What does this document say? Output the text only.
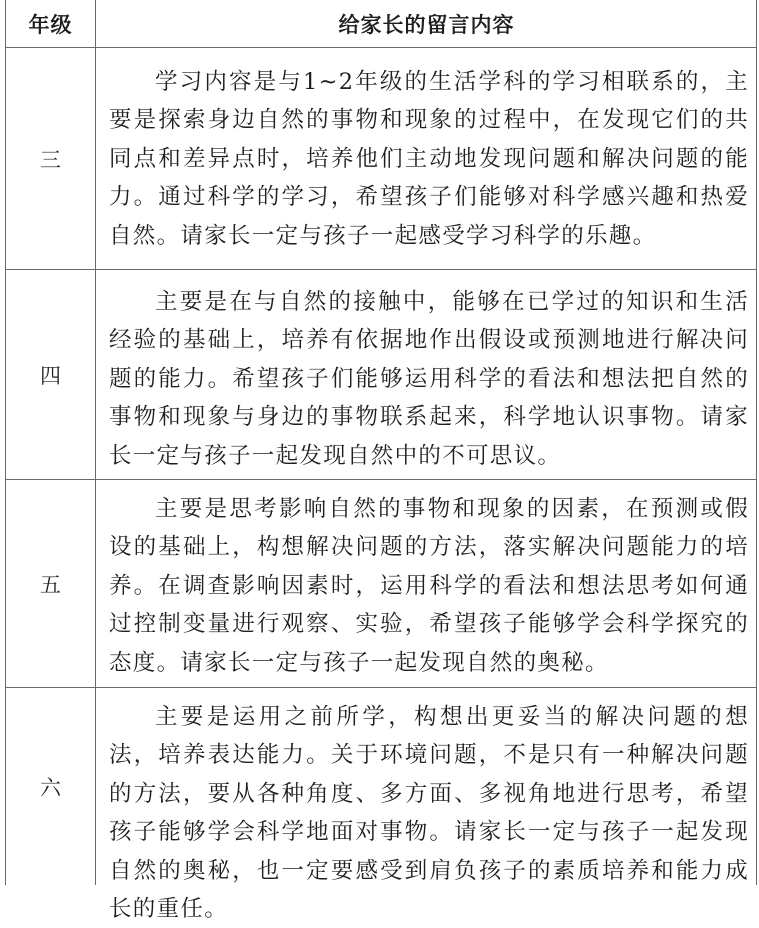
年级	给家长的留言内容
三

学习内容是与1~2年级的生活学科的学习相联系的，主要是探索身边自然的事物和现象的过程中，在发现它们的共同点和差异点时，培养他们主动地发现问题和解决问题的能力。通过科学的学习，希望孩子们能够对科学感兴趣和热爱自然。请家长一定与孩子一起感受学习科学的乐趣。

四

主要是在与自然的接触中，能够在已学过的知识和生活经验的基础上，培养有依据地作出假设或预测地进行解决问题的能力。希望孩子们能够运用科学的看法和想法把自然的事物和现象与身边的事物联系起来，科学地认识事物。请家长一定与孩子一起发现自然中的不可思议。

五

主要是思考影响自然的事物和现象的因素，在预测或假设的基础上，构想解决问题的方法，落实解决问题能力的培养。在调查影响因素时，运用科学的看法和想法思考如何通过控制变量进行观察、实验，希望孩子能够学会科学探究的态度。请家长一定与孩子一起发现自然的奥秘。

六

主要是运用之前所学，构想出更妥当的解决问题的想法，培养表达能力。关于环境问题，不是只有一种解决问题的方法，要从各种角度、多方面、多视角地进行思考，希望孩子能够学会科学地面对事物。请家长一定与孩子一起发现自然的奥秘，也一定要感受到肩负孩子的素质培养和能力成长的重任。
